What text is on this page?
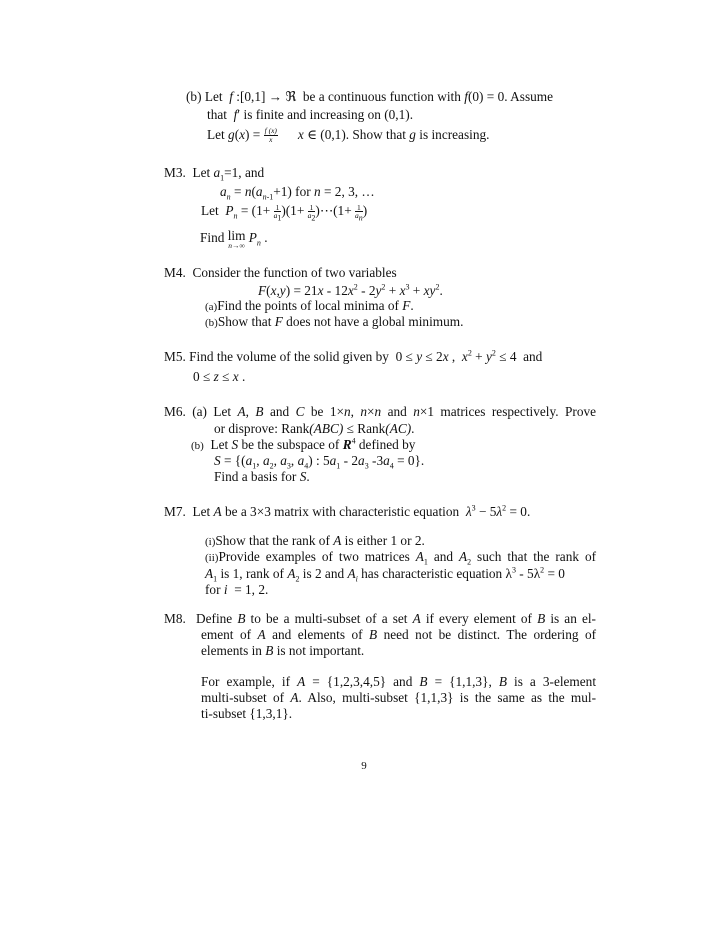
(b) Let f :[0,1] → ℜ  be a continuous function with f(0) = 0. Assume
that  f′ is finite and increasing on (0,1).
Let $g(x) = \frac{f (x)}{x}$ x ∈ (0,1). Show that g is increasing.
M3. Let $a_1=1$, and
$a_n = n(a_{n-1}+1)$ for n = 2, 3, …
Let $P_n = (1+ \frac{1}{a_1})(1+$ $\frac{1}{a_2})\cdots(1+ \frac{1}{a_n})$
Find lim
n→∞
$P_n$ .
M4. Consider the function of two variables
$F(x,y) = 21x - 12x^2 - 2y^2 + x^3 + xy^2$.
(a)Find the points of local minima of F.
(b)Show that F does not have a global minimum.
M5. Find the volume of the solid given by  0 ≤ y ≤ 2x ,  $x^2 + y^2 \le 4$  and
0 ≤ z ≤ x .
M6. (a) Let A, B and C be 1×n, n×n and n×1 matrices respectively. Prove
or disprove: Rank(ABC) ≤ Rank(AC).
(b) Let S be the subspace of $R^4$ defined by
$S = \{(a_1$, $a_2$, $a_3$, $a_4$) : $5a_1 - 2a_3$ $-3a_4 = 0$}.
Find a basis for S.
M7. Let A be a 3×3 matrix with characteristic equation $\lambda^3 - 5\lambda^2 = 0$.
(i)Show that the rank of A is either 1 or 2.
(ii)Provide examples of two matrices $A_1$ and $A_2$ such that the rank of
$A_1$ is 1, rank of $A_2$ is 2 and $A_i$ has characteristic equation $\lambda^3 - 5\lambda^2 = 0$
for i = 1, 2.
M8. Define B to be a multi-subset of a set A if every element of B is an el-
ement of A and elements of B need not be distinct. The ordering of
elements in B is not important.
For example, if A = {1,2,3,4,5} and B = {1,1,3}, B is a 3-element
multi-subset of A. Also, multi-subset {1,1,3} is the same as the mul-
ti-subset {1,3,1}.
9
